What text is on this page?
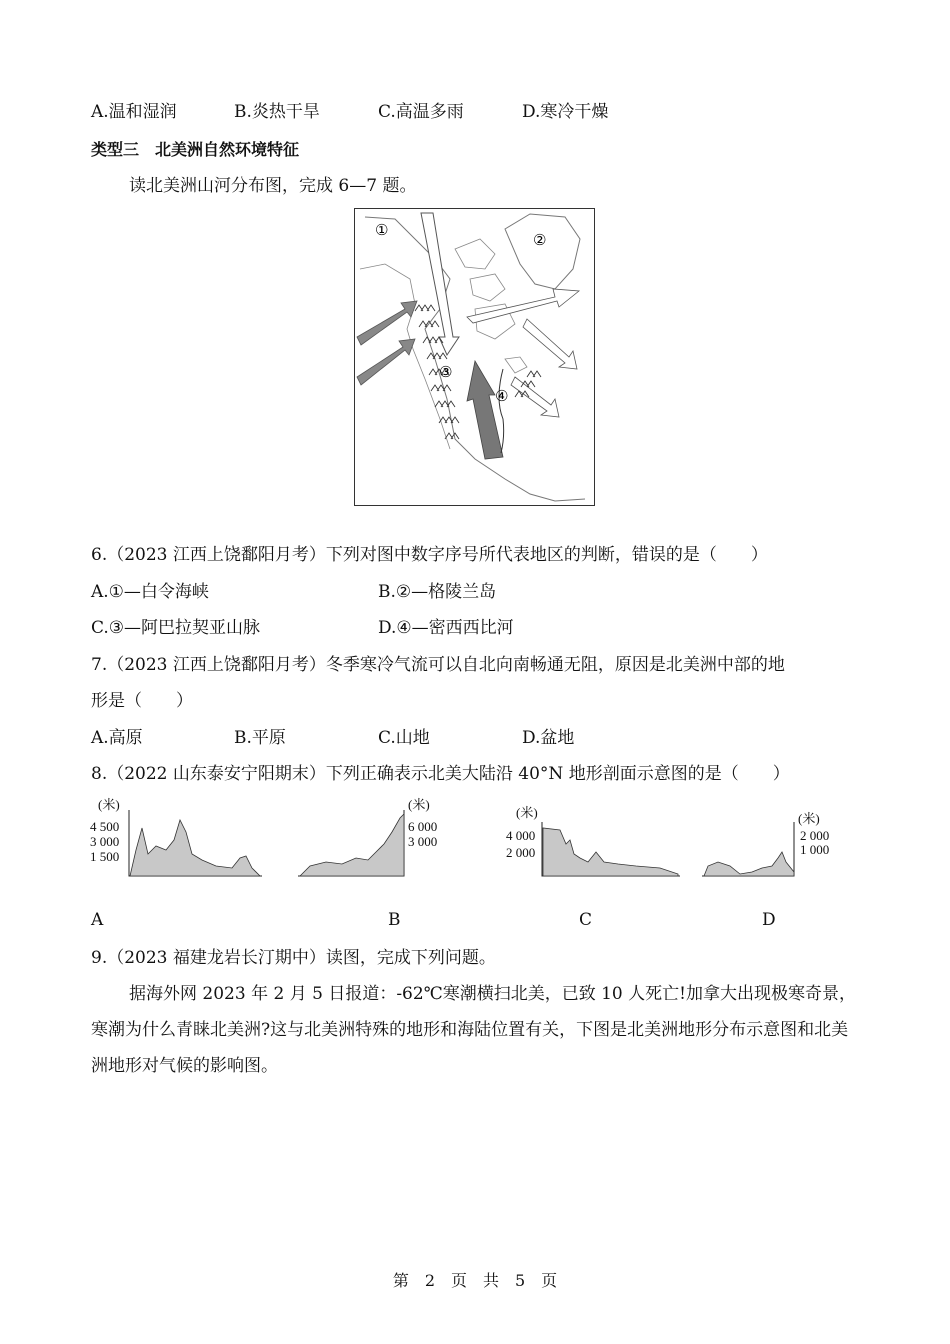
A.温和湿润	B.炎热干旱	C.高温多雨	D.寒冷干燥
类型三　北美洲自然环境特征
读北美洲山河分布图，完成 6—7 题。
①
②
③
④
6.（2023 江西上饶鄱阳月考）下列对图中数字序号所代表地区的判断，错误的是（　　）
A.①—白令海峡	B.②—格陵兰岛
C.③—阿巴拉契亚山脉	D.④—密西西比河
7.（2023 江西上饶鄱阳月考）冬季寒冷气流可以自北向南畅通无阻，原因是北美洲中部的地
形是（　　）
A.高原	B.平原	C.山地	D.盆地
8.（2022 山东泰安宁阳期末）下列正确表示北美大陆沿 40°N 地形剖面示意图的是（　　）
(米)
4 500
3 000
1 500
A
(米)
6 000
3 000
B
(米)
4 000
2 000
C
(米)
2 000
1 000
D
9.（2023 福建龙岩长汀期中）读图，完成下列问题。
据海外网 2023 年 2 月 5 日报道：-62℃寒潮横扫北美，已致 10 人死亡!加拿大出现极寒奇景，寒潮为什么青睐北美洲?这与北美洲特殊的地形和海陆位置有关，下图是北美洲地形分布示意图和北美洲地形对气候的影响图。
第　2　页　共　5　页
